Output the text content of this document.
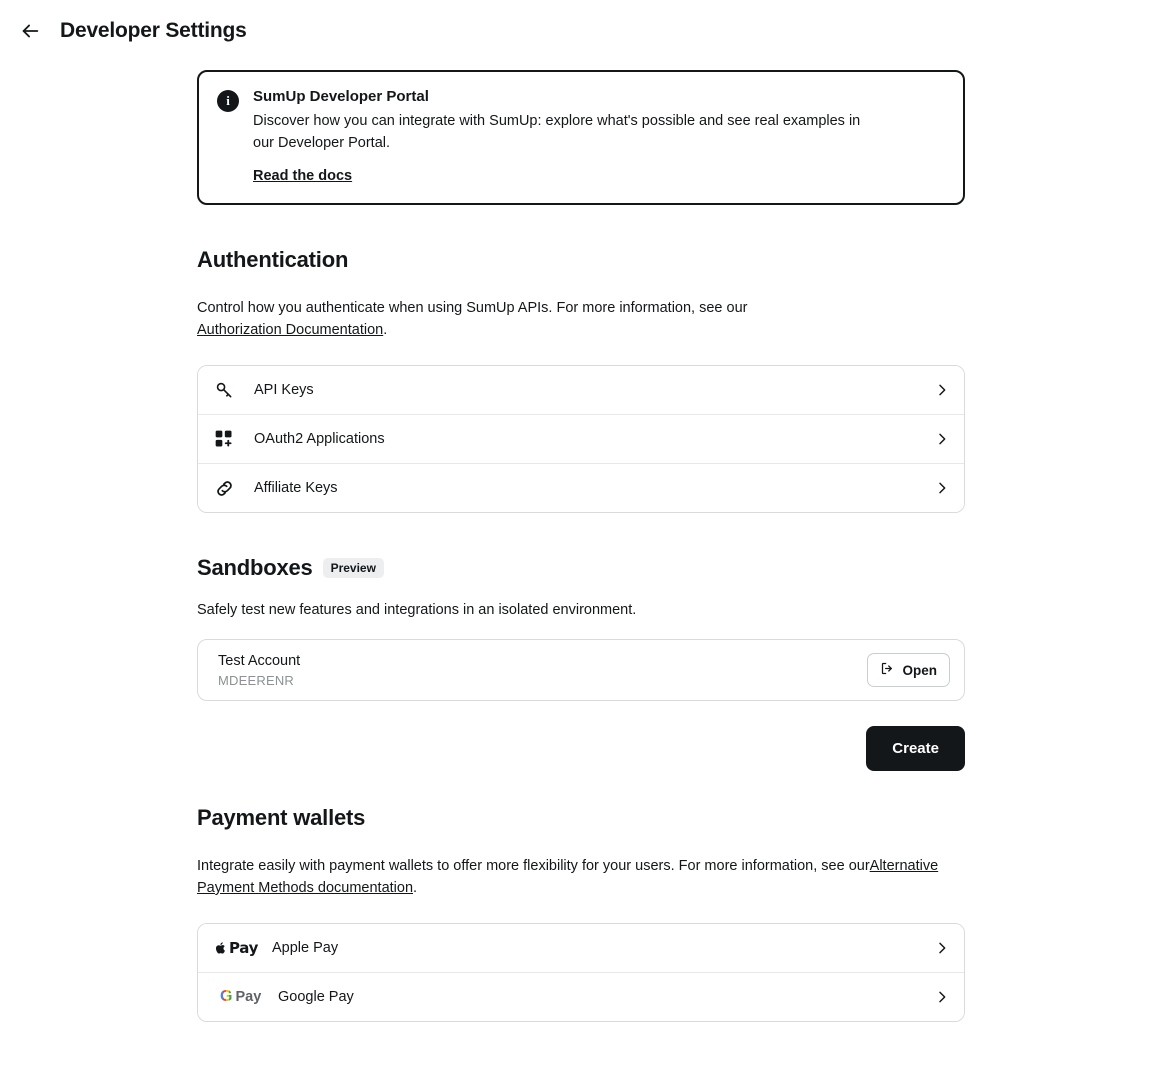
Developer Settings
i	SumUp Developer Portal
Discover how you can integrate with SumUp: explore what's possible and see real examples in our Developer Portal.
Read the docs
Authentication
Control how you authenticate when using SumUp APIs. For more information, see our
Authorization Documentation.
API Keys
OAuth2 Applications
Affiliate Keys
Sandboxes	Preview
Safely test new features and integrations in an isolated environment.
Test Account
MDEERENR
Open
Create
Payment wallets
Integrate easily with payment wallets to offer more flexibility for your users. For more information, see ourAlternative Payment Methods documentation.
Pay Apple Pay
G Pay Google Pay
